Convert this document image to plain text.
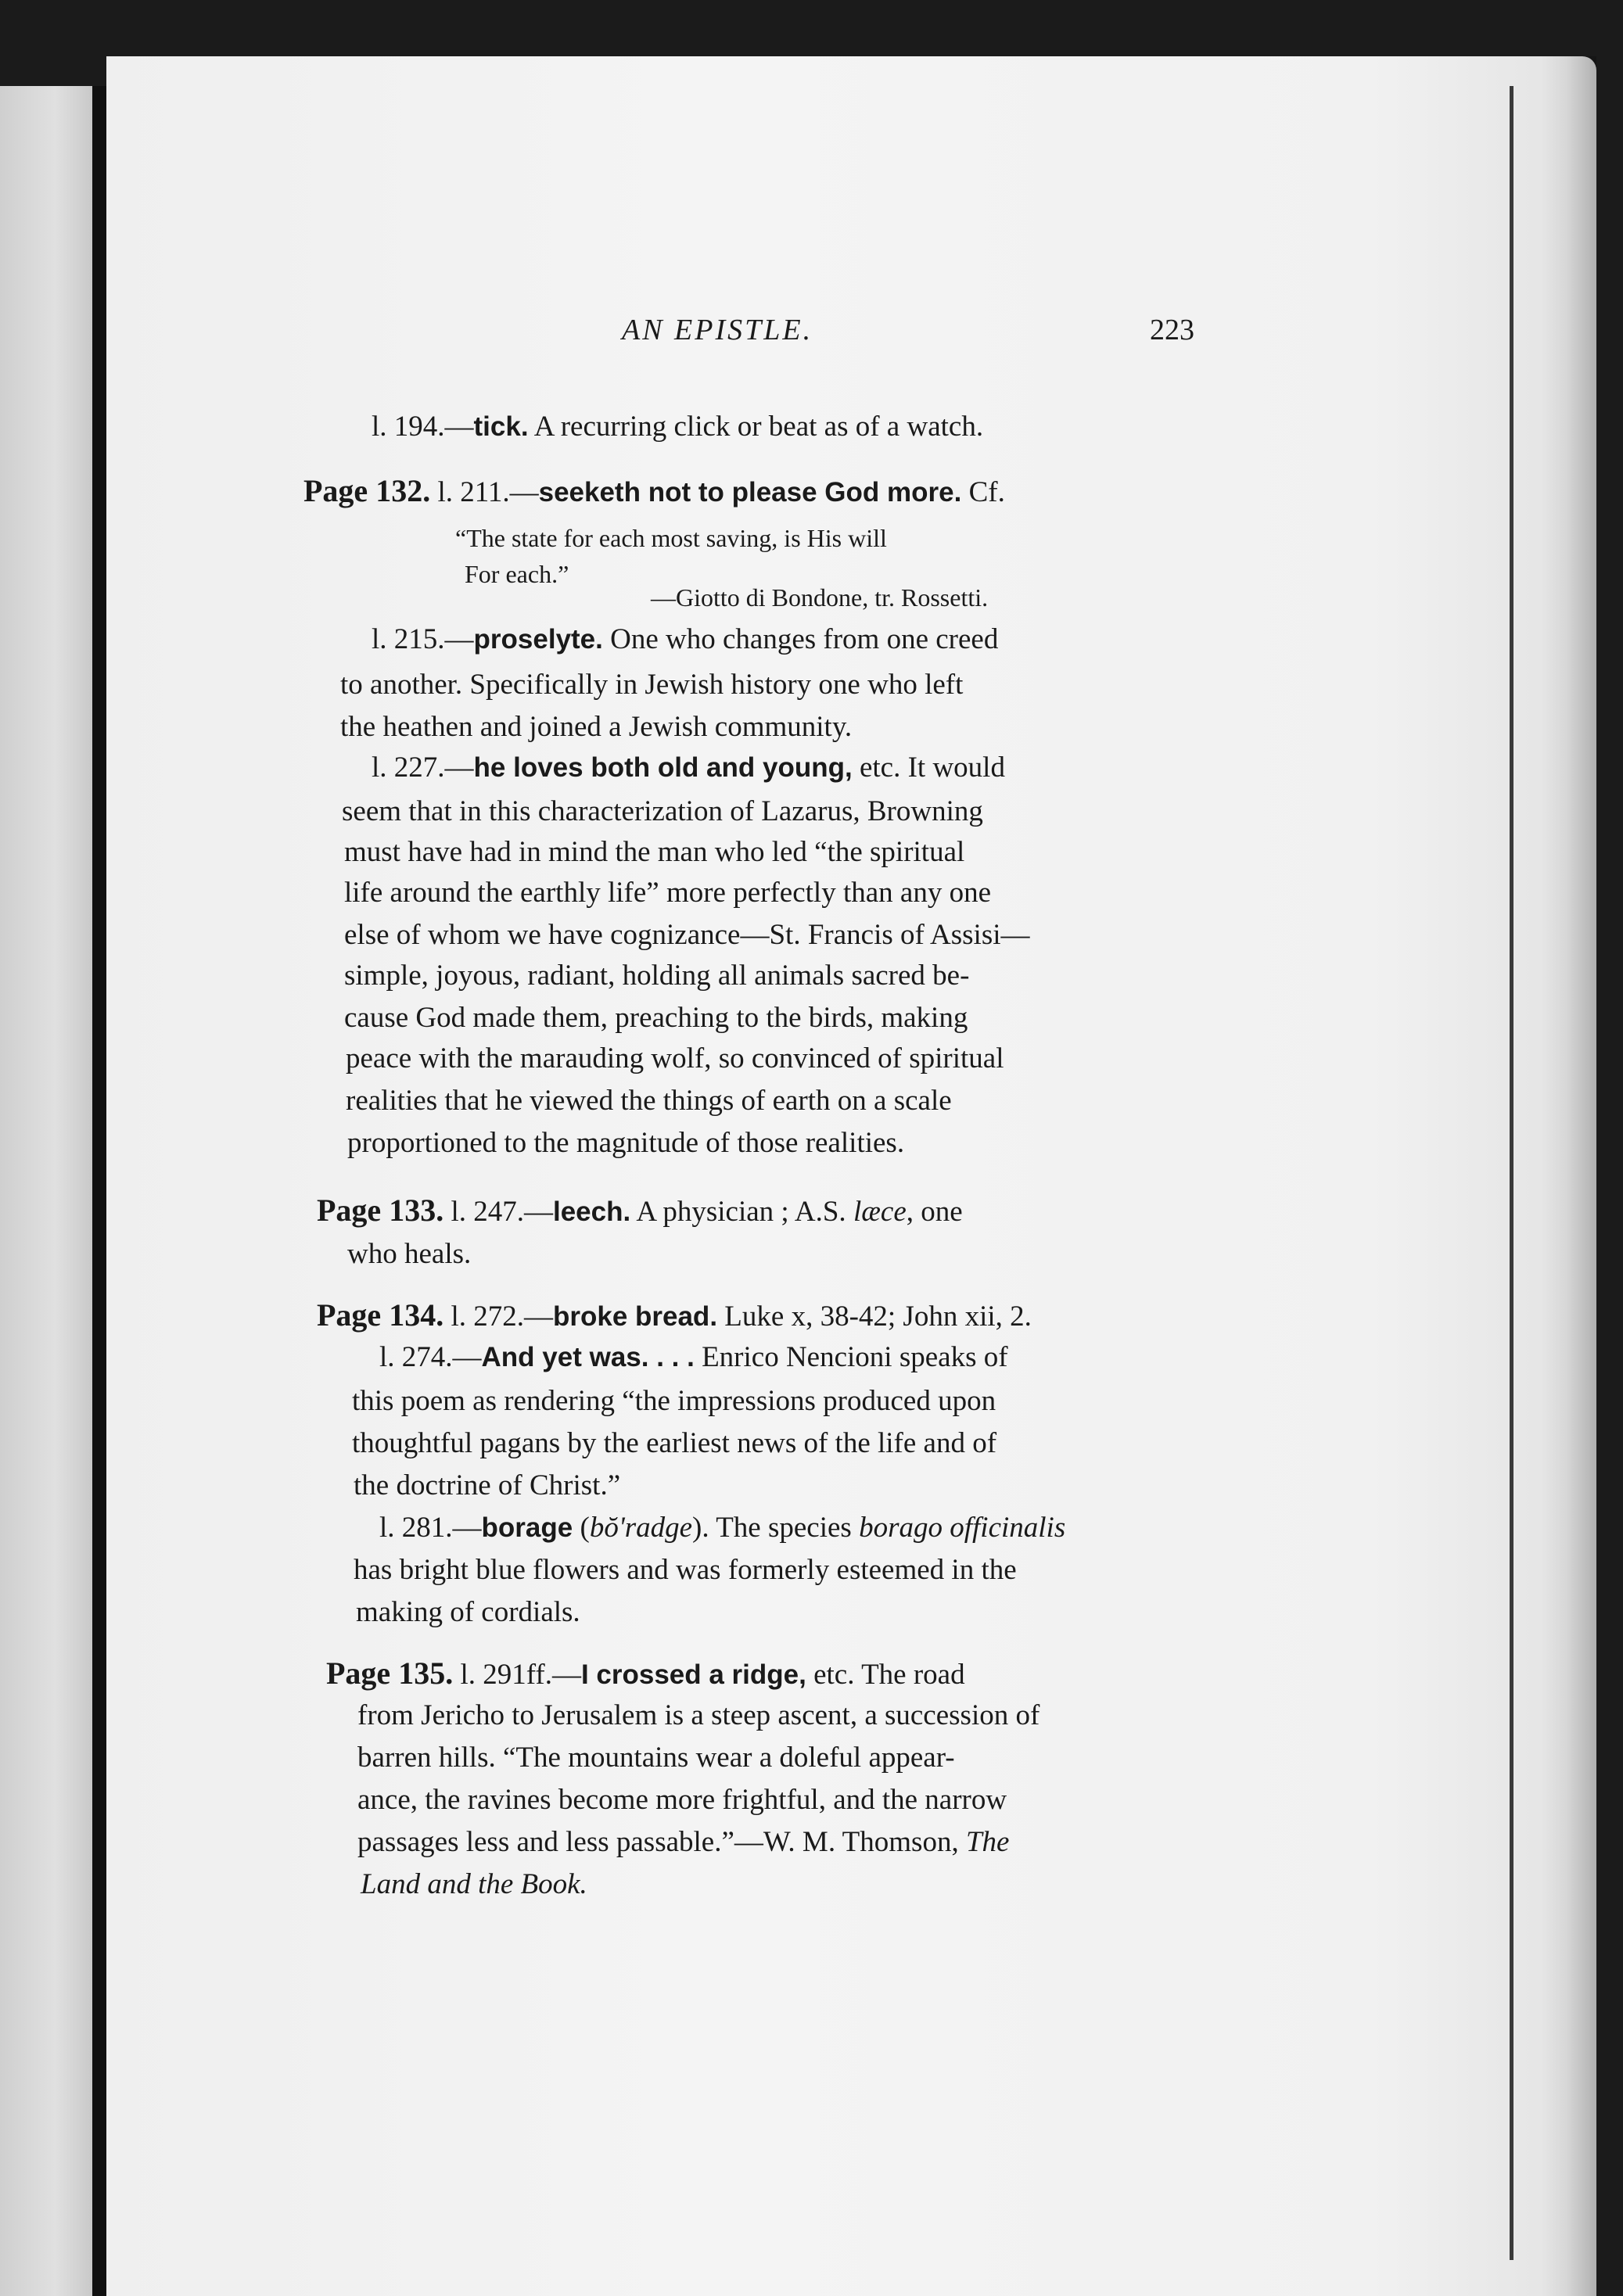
AN EPISTLE.	223
l. 194.—tick. A recurring click or beat as of a watch.
Page 132. l. 211.—seeketh not to please God more. Cf.
“The state for each most saving, is His will
For each.”
—Giotto di Bondone, tr. Rossetti.
l. 215.—proselyte. One who changes from one creed
to another. Specifically in Jewish history one who left
the heathen and joined a Jewish community.
l. 227.—he loves both old and young, etc. It would
seem that in this characterization of Lazarus, Browning
must have had in mind the man who led “the spiritual
life around the earthly life” more perfectly than any one
else of whom we have cognizance—St. Francis of Assisi—
simple, joyous, radiant, holding all animals sacred be-
cause God made them, preaching to the birds, making
peace with the marauding wolf, so convinced of spiritual
realities that he viewed the things of earth on a scale
proportioned to the magnitude of those realities.
Page 133. l. 247.—leech. A physician ; A.S. læce, one
who heals.
Page 134. l. 272.—broke bread. Luke x, 38-42; John xii, 2.
l. 274.—And yet was. . . . Enrico Nencioni speaks of
this poem as rendering “the impressions produced upon
thoughtful pagans by the earliest news of the life and of
the doctrine of Christ.”
l. 281.—borage (bŏ'radge). The species borago officinalis
has bright blue flowers and was formerly esteemed in the
making of cordials.
Page 135. l. 291ff.—I crossed a ridge, etc. The road
from Jericho to Jerusalem is a steep ascent, a succession of
barren hills. “The mountains wear a doleful appear-
ance, the ravines become more frightful, and the narrow
passages less and less passable.”—W. M. Thomson, The
Land and the Book.
